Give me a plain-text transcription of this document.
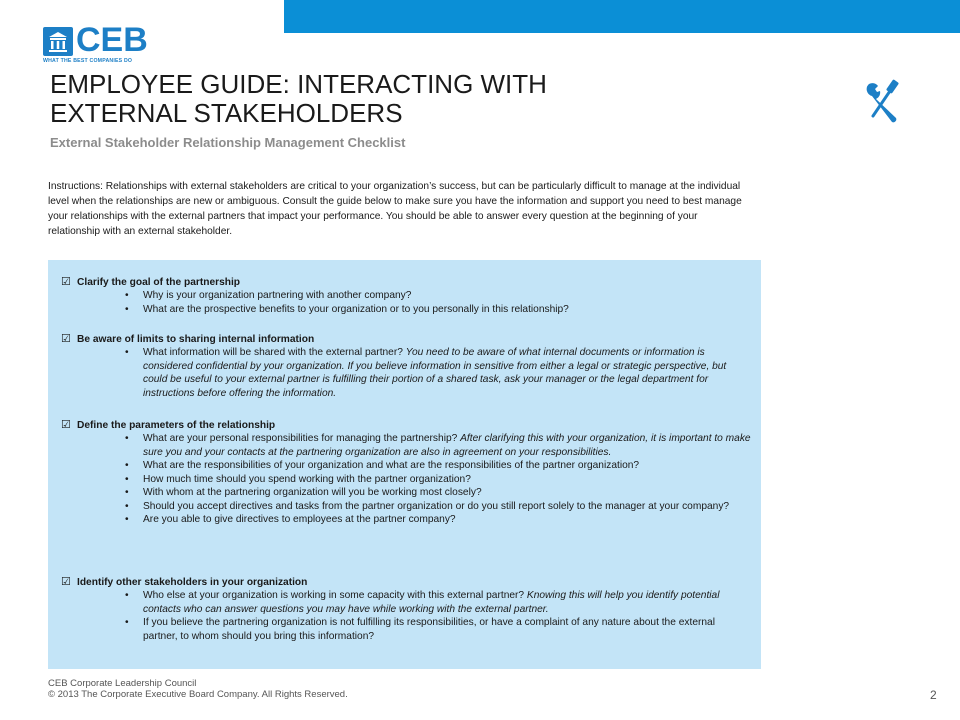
CEB
WHAT THE BEST COMPANIES DO
EMPLOYEE GUIDE: INTERACTING WITH
EXTERNAL STAKEHOLDERS
External Stakeholder Relationship Management Checklist

Instructions: Relationships with external stakeholders are critical to your organization’s success, but can be particularly difficult to manage at the individual level when the relationships are new or ambiguous. Consult the guide below to make sure you have the information and support you need to best manage your relationships with the external partners that impact your performance. You should be able to answer every question at the beginning of your relationship with an external stakeholder.

☑ Clarify the goal of the partnership
• Why is your organization partnering with another company?
• What are the prospective benefits to your organization or to you personally in this relationship?
☑ Be aware of limits to sharing internal information
• What information will be shared with the external partner? You need to be aware of what internal documents or information is considered confidential by your organization. If you believe information in sensitive from either a legal or strategic perspective, but could be useful to your external partner is fulfilling their portion of a shared task, ask your manager or the legal department for instructions before offering the information.
☑ Define the parameters of the relationship
• What are your personal responsibilities for managing the partnership? After clarifying this with your organization, it is important to make sure you and your contacts at the partnering organization are also in agreement on your responsibilities.
• What are the responsibilities of your organization and what are the responsibilities of the partner organization?
• How much time should you spend working with the partner organization?
• With whom at the partnering organization will you be working most closely?
• Should you accept directives and tasks from the partner organization or do you still report solely to the manager at your company?
• Are you able to give directives to employees at the partner company?
☑ Identify other stakeholders in your organization
• Who else at your organization is working in some capacity with this external partner? Knowing this will help you identify potential contacts who can answer questions you may have while working with the external partner.
• If you believe the partnering organization is not fulfilling its responsibilities, or have a complaint of any nature about the external partner, to whom should you bring this information?
CEB Corporate Leadership Council
© 2013 The Corporate Executive Board Company. All Rights Reserved.	2
